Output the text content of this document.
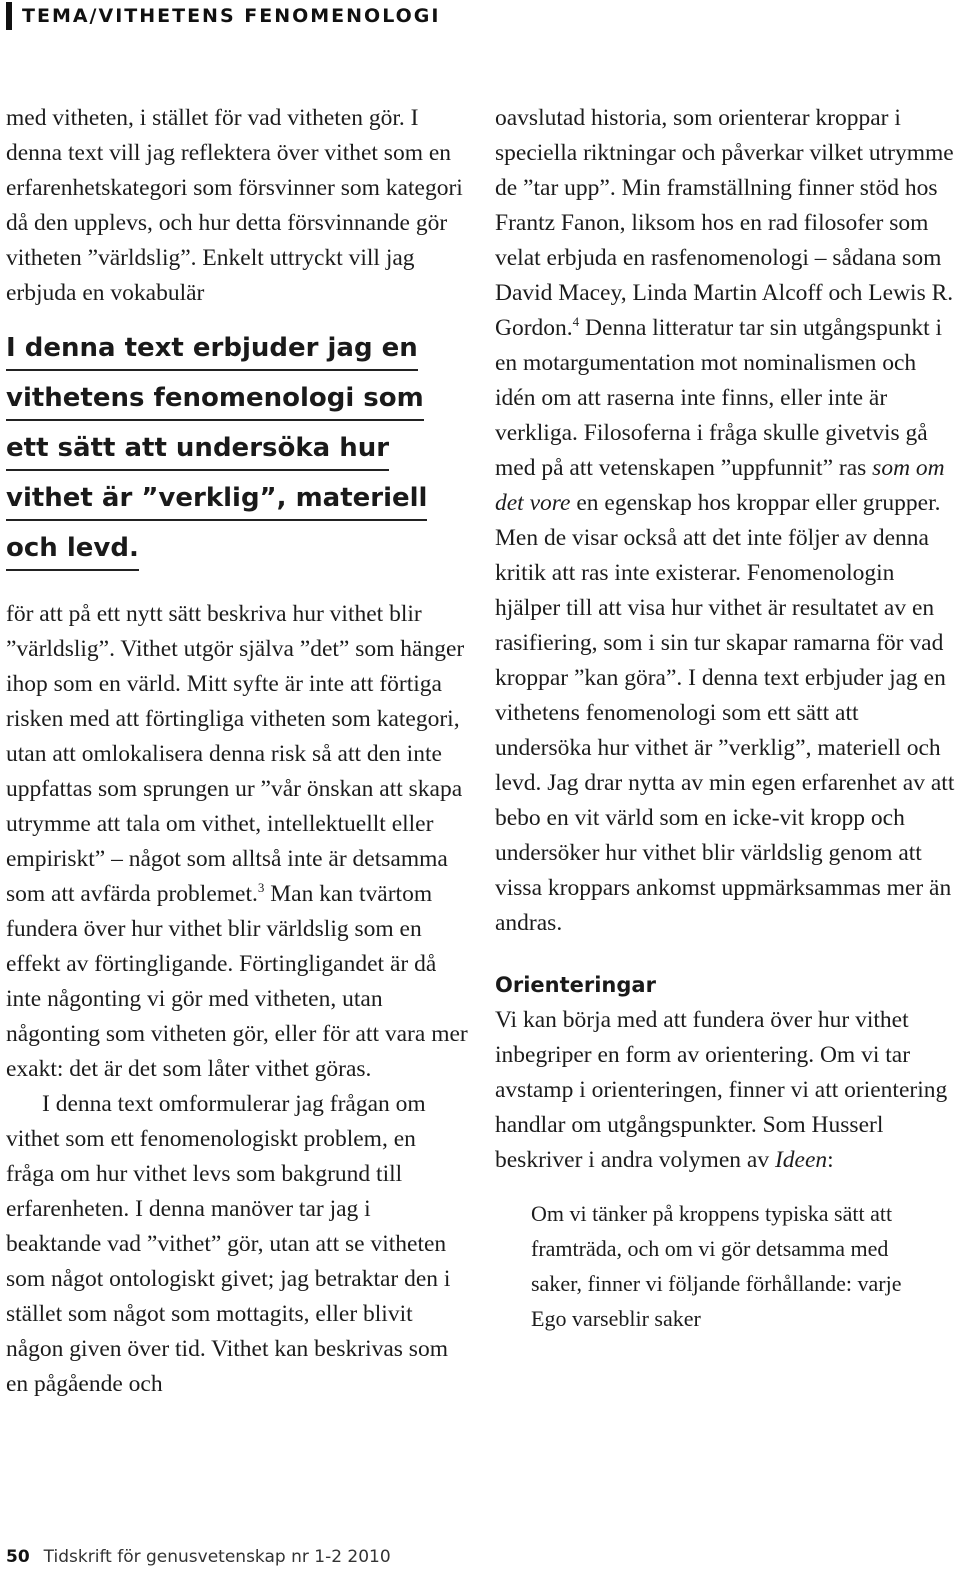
TEMA/VITHETENS FENOMENOLOGI

med vitheten, i stället för vad vitheten gör. I denna text vill jag reflektera över vithet som en erfarenhetskategori som försvinner som kategori då den upplevs, och hur detta försvinnande gör vitheten ”världslig”. Enkelt uttryckt vill jag erbjuda en vokabulär

I denna text erbjuder jag en
vithetens fenomenologi som
ett sätt att undersöka hur
vithet är ”verklig”, materiell
och levd.

för att på ett nytt sätt beskriva hur vithet blir ”världslig”. Vithet utgör själva ”det” som hänger ihop som en värld. Mitt syfte är inte att förtiga risken med att förtingliga vitheten som kategori, utan att omlokalisera denna risk så att den inte uppfattas som sprungen ur ”vår önskan att skapa utrymme att tala om vithet, intellektuellt eller empiriskt” – något som alltså inte är detsamma som att avfärda problemet.$^3$ Man kan tvärtom fundera över hur vithet blir världslig som en effekt av förtingligande. Förtingligandet är då inte någonting vi gör med vitheten, utan någonting som vitheten gör, eller för att vara mer exakt: det är det som låter vithet göras.

I denna text omformulerar jag frågan om vithet som ett fenomenologiskt problem, en fråga om hur vithet levs som bakgrund till erfarenheten. I denna manöver tar jag i beaktande vad ”vithet” gör, utan att se vitheten som något ontologiskt givet; jag betraktar den i stället som något som mottagits, eller blivit någon given över tid. Vithet kan beskrivas som en pågående och

oavslutad historia, som orienterar kroppar i speciella riktningar och påverkar vilket utrymme de ”tar upp”. Min framställning finner stöd hos Frantz Fanon, liksom hos en rad filosofer som velat erbjuda en rasfenomenologi – sådana som David Macey, Linda Martin Alcoff och Lewis R. Gordon.$^4$ Denna litteratur tar sin utgångspunkt i en motargumentation mot nominalismen och idén om att raserna inte finns, eller inte är verkliga. Filosoferna i fråga skulle givetvis gå med på att vetenskapen ”uppfunnit” ras som om det vore en egenskap hos kroppar eller grupper. Men de visar också att det inte följer av denna kritik att ras inte existerar. Fenomenologin hjälper till att visa hur vithet är resultatet av en rasifiering, som i sin tur skapar ramarna för vad kroppar ”kan göra”. I denna text erbjuder jag en vithetens fenomenologi som ett sätt att undersöka hur vithet är ”verklig”, materiell och levd. Jag drar nytta av min egen erfarenhet av att bebo en vit värld som en icke-vit kropp och undersöker hur vithet blir världslig genom att vissa kroppars ankomst uppmärksammas mer än andras.

Orienteringar

Vi kan börja med att fundera över hur vithet inbegriper en form av orientering. Om vi tar avstamp i orienteringen, finner vi att orientering handlar om utgångspunkter. Som Husserl beskriver i andra volymen av Ideen:

Om vi tänker på kroppens typiska sätt att framträda, och om vi gör detsamma med saker, finner vi följande förhållande: varje Ego varseblir saker

50 Tidskrift för genusvetenskap nr 1-2 2010
